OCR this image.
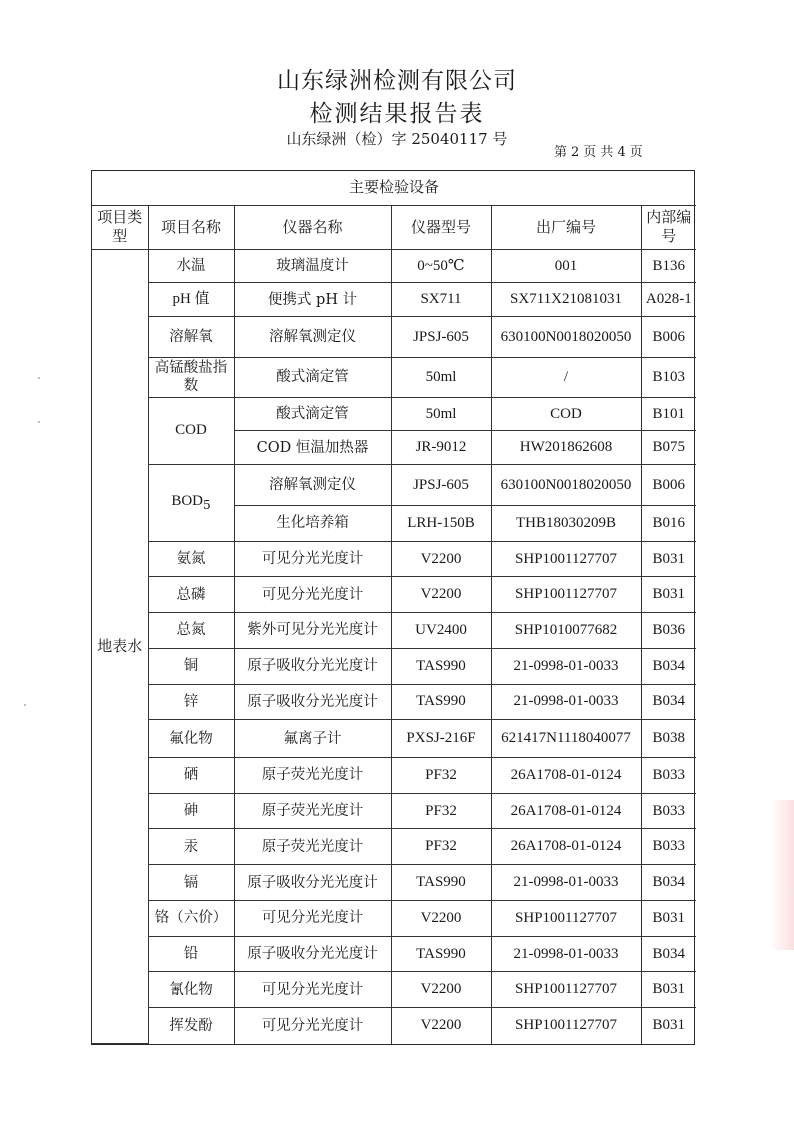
山东绿洲检测有限公司
检测结果报告表
山东绿洲（检）字 25040117 号
第 2 页 共 4 页
主要检验设备					
项目类型	项目名称	仪器名称	仪器型号	出厂编号	内部编号
地表水	水温	玻璃温度计	0~50℃	001	B136
	pH 值	便携式 pH 计	SX711	SX711X21081031	A028-1
	溶解氧	溶解氧测定仪	JPSJ-605	630100N0018020050	B006
	高锰酸盐指数	酸式滴定管	50ml	/	B103
	COD	酸式滴定管	50ml	COD	B101
		COD 恒温加热器	JR-9012	HW201862608	B075
	$BOD_5$	溶解氧测定仪	JPSJ-605	630100N0018020050	B006
		生化培养箱	LRH-150B	THB18030209B	B016
	氨氮	可见分光光度计	V2200	SHP1001127707	B031
	总磷	可见分光光度计	V2200	SHP1001127707	B031
	总氮	紫外可见分光光度计	UV2400	SHP1010077682	B036
	铜	原子吸收分光光度计	TAS990	21-0998-01-0033	B034
	锌	原子吸收分光光度计	TAS990	21-0998-01-0033	B034
	氟化物	氟离子计	PXSJ-216F	621417N1118040077	B038
	硒	原子荧光光度计	PF32	26A1708-01-0124	B033
	砷	原子荧光光度计	PF32	26A1708-01-0124	B033
	汞	原子荧光光度计	PF32	26A1708-01-0124	B033
	镉	原子吸收分光光度计	TAS990	21-0998-01-0033	B034
	铬（六价）	可见分光光度计	V2200	SHP1001127707	B031
	铅	原子吸收分光光度计	TAS990	21-0998-01-0033	B034
	氰化物	可见分光光度计	V2200	SHP1001127707	B031
	挥发酚	可见分光光度计	V2200	SHP1001127707	B031
